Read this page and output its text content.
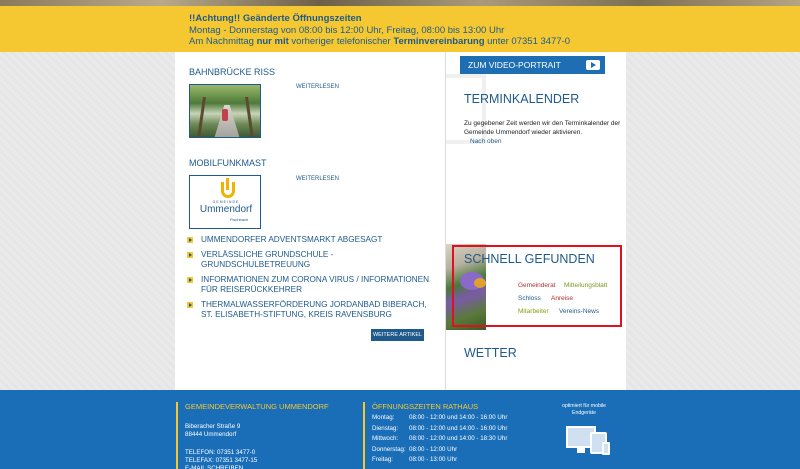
!!Achtung!! Geänderte Öffnungszeiten
Montag - Donnerstag von 08:00 bis 12:00 Uhr, Freitag, 08:00 bis 13:00 Uhr
Am Nachmittag nur mit vorheriger telefonischer Terminvereinbarung unter 07351 3477-0
BAHNBRÜCKE RISS
WEITERLESEN
MOBILFUNKMAST
GEMEINDE
Ummendorf
Fischbach
WEITERLESEN
UMMENDORFER ADVENTSMARKT ABGESAGT
VERLÄSSLICHE GRUNDSCHULE - GRUNDSCHULBETREUUNG
INFORMATIONEN ZUM CORONA VIRUS / INFORMATIONEN FÜR REISERÜCKKEHRER
THERMALWASSERFÖRDERUNG JORDANBAD BIBERACH, ST. ELISABETH-STIFTUNG, KREIS RAVENSBURG
WEITERE ARTIKEL
ZUM VIDEO-PORTRAIT
TERMINKALENDER
Zu gegebener Zeit werden wir den Terminkalender der Gemeinde Ummendorf wieder aktivieren.
Nach oben
SCHNELL GEFUNDEN
Gemeinderat Mitteilungsblatt
Schloss Anreise
Mitarbeiter Vereins-News
WETTER
GEMEINDEVERWALTUNG UMMENDORF
Biberacher Straße 9
88444 Ummendorf
TELEFON: 07351 3477-0
TELEFAX: 07351 3477-15
E-MAIL SCHREIBEN
ÖFFNUNGSZEITEN RATHAUS
Montag:	08:00 - 12:00 und 14:00 - 16:00 Uhr
Dienstag:	08:00 - 12:00 und 14:00 - 16:00 Uhr
Mittwoch:	08:00 - 12:00 und 14:00 - 18:30 Uhr
Donnerstag: 08:00 - 12:00 Uhr
Freitag:	08:00 - 13:00 Uhr
optimiert für mobile Endgeräte
